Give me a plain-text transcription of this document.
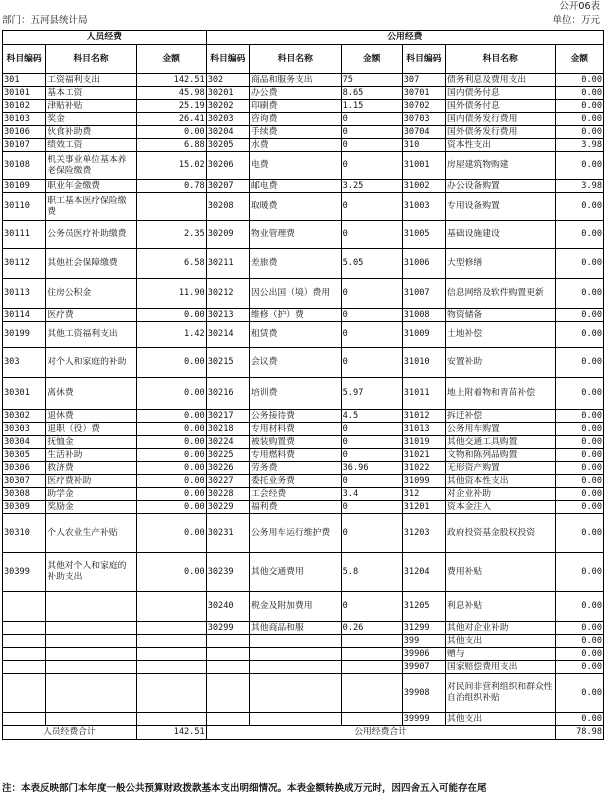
公开06表
部门：五河县统计局	单位：万元
人员经费			公用经费					
科目编码	科目名称	金额	科目编码	科目名称	金额	科目编码	科目名称	金额
301	工资福利支出	142.51	302	商品和服务支出	75	307	债务利息及费用支出	0.00
30101	基本工资	45.98	30201	办公费	8.65	30701	国内债务付息	0.00
30102	津贴补贴	25.19	30202	印刷费	1.15	30702	国外债务付息	0.00
30103	奖金	26.41	30203	咨询费	0	30703	国内债务发行费用	0.00
30106	伙食补助费	0.00	30204	手续费	0	30704	国外债务发行费用	0.00
30107	绩效工资	6.88	30205	水费	0	310	资本性支出	3.98
30108	机关事业单位基本养老保险缴费	15.02	30206	电费	0	31001	房屋建筑物购建	0.00
30109	职业年金缴费	0.78	30207	邮电费	3.25	31002	办公设备购置	3.98
30110	职工基本医疗保险缴费		30208	取暖费	0	31003	专用设备购置	0.00
30111	公务员医疗补助缴费	2.35	30209	物业管理费	0	31005	基础设施建设	0.00
30112	其他社会保障缴费	6.58	30211	差旅费	5.05	31006	大型修缮	0.00
30113	住房公积金	11.90	30212	因公出国（境）费用	0	31007	信息网络及软件购置更新	0.00
30114	医疗费	0.00	30213	维修（护）费	0	31008	物资储备	0.00
30199	其他工资福利支出	1.42	30214	租赁费	0	31009	土地补偿	0.00
303	对个人和家庭的补助	0.00	30215	会议费	0	31010	安置补助	0.00
30301	离休费	0.00	30216	培训费	5.97	31011	地上附着物和青苗补偿	0.00
30302	退休费	0.00	30217	公务接待费	4.5	31012	拆迁补偿	0.00
30303	退职（役）费	0.00	30218	专用材料费	0	31013	公务用车购置	0.00
30304	抚恤金	0.00	30224	被装购置费	0	31019	其他交通工具购置	0.00
30305	生活补助	0.00	30225	专用燃料费	0	31021	文物和陈列品购置	0.00
30306	救济费	0.00	30226	劳务费	36.96	31022	无形资产购置	0.00
30307	医疗费补助	0.00	30227	委托业务费	0	31099	其他资本性支出	0.00
30308	助学金	0.00	30228	工会经费	3.4	312	对企业补助	0.00
30309	奖励金	0.00	30229	福利费	0	31201	资本金注入	0.00
30310	个人农业生产补贴	0.00	30231	公务用车运行维护费	0	31203	政府投资基金股权投资	0.00
30399	其他对个人和家庭的补助支出	0.00	30239	其他交通费用	5.8	31204	费用补贴	0.00
			30240	税金及附加费用	0	31205	利息补贴	0.00
			30299	其他商品和服	0.26	31299	其他对企业补助	0.00
						399	其他支出	0.00
						39906	赠与	0.00
						39907	国家赔偿费用支出	0.00
						39908	对民间非营利组织和群众性自治组织补贴	0.00
						39999	其他支出	0.00
人员经费合计		142.51	公用经费合计					78.98
注：本表反映部门本年度一般公共预算财政拨款基本支出明细情况。本表金额转换成万元时，因四舍五入可能存在尾
